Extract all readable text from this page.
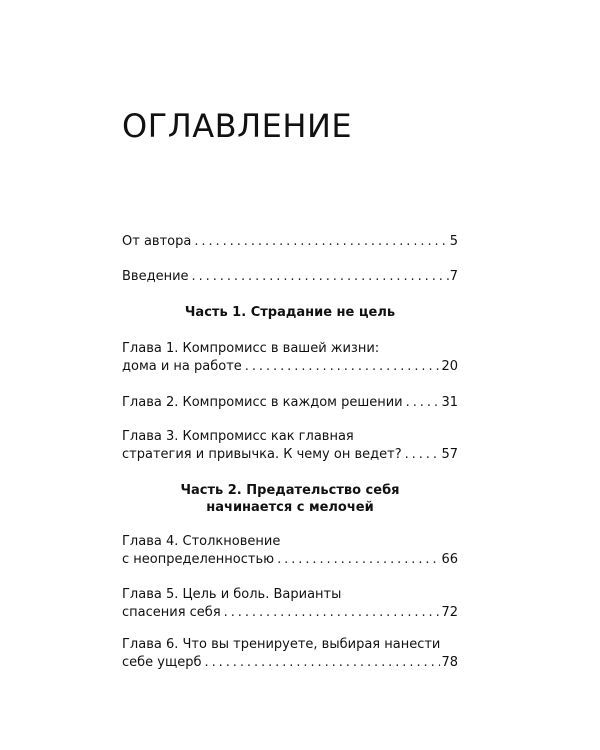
ОГЛАВЛЕНИЕ
От автора . . .	5
Введение . . .	7
Часть 1. Страдание не цель
Глава 1. Компромисс в вашей жизни:
дома и на работе . . .	20
Глава 2. Компромисс в каждом решении . . .	31
Глава 3. Компромисс как главная
стратегия и привычка. К чему он ведет? . . .	57
Часть 2. Предательство себя
начинается с мелочей
Глава 4. Столкновение
с неопределенностью . . .	66
Глава 5. Цель и боль. Варианты
спасения себя . . .	72
Глава 6. Что вы тренируете, выбирая нанести
себе ущерб . . .	78
